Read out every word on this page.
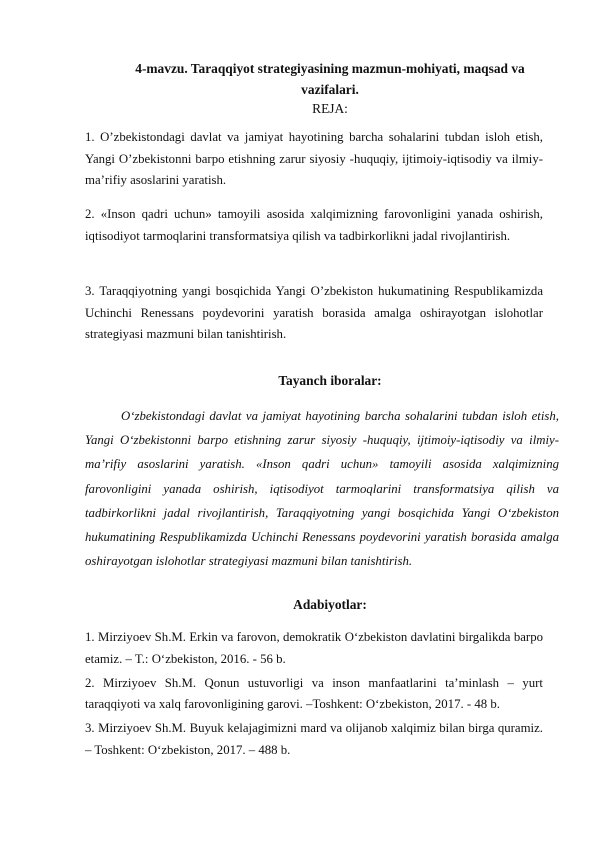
4-mavzu. Taraqqiyot strategiyasining mazmun-mohiyati, maqsad va
vazifalari.
REJA:

1. O’zbekistondagi davlat va jamiyat hayotining barcha sohalarini tubdan isloh etish, Yangi O’zbekistonni barpo etishning zarur siyosiy -huquqiy, ijtimoiy-iqtisodiy va ilmiy-ma’rifiy asoslarini yaratish.

2. «Inson qadri uchun» tamoyili asosida xalqimizning farovonligini yanada oshirish, iqtisodiyot tarmoqlarini transformatsiya qilish va tadbirkorlikni jadal rivojlantirish.

3. Taraqqiyotning yangi bosqichida Yangi O’zbekiston hukumatining Respublikamizda Uchinchi Renessans poydevorini yaratish borasida amalga oshirayotgan islohotlar strategiyasi mazmuni bilan tanishtirish.

Tayanch iboralar:

O‘zbekistondagi davlat va jamiyat hayotining barcha sohalarini tubdan isloh etish, Yangi O‘zbekistonni barpo etishning zarur siyosiy -huquqiy, ijtimoiy-iqtisodiy va ilmiy-ma’rifiy asoslarini yaratish. «Inson qadri uchun» tamoyili asosida xalqimizning farovonligini yanada oshirish, iqtisodiyot tarmoqlarini transformatsiya qilish va tadbirkorlikni jadal rivojlantirish, Taraqqiyotning yangi bosqichida Yangi O‘zbekiston hukumatining Respublikamizda Uchinchi Renessans poydevorini yaratish borasida amalga oshirayotgan islohotlar strategiyasi mazmuni bilan tanishtirish.

Adabiyotlar:

1. Mirziyoev Sh.M. Erkin va farovon, demokratik O‘zbekiston davlatini birgalikda barpo etamiz. – T.: O‘zbekiston, 2016. - 56 b.

2. Mirziyoev Sh.M. Qonun ustuvorligi va inson manfaatlarini ta’minlash – yurt taraqqiyoti va xalq farovonligining garovi. –Toshkent: O‘zbekiston, 2017. - 48 b.

3. Mirziyoev Sh.M. Buyuk kelajagimizni mard va olijanob xalqimiz bilan birga quramiz. – Toshkent: O‘zbekiston, 2017. – 488 b.
